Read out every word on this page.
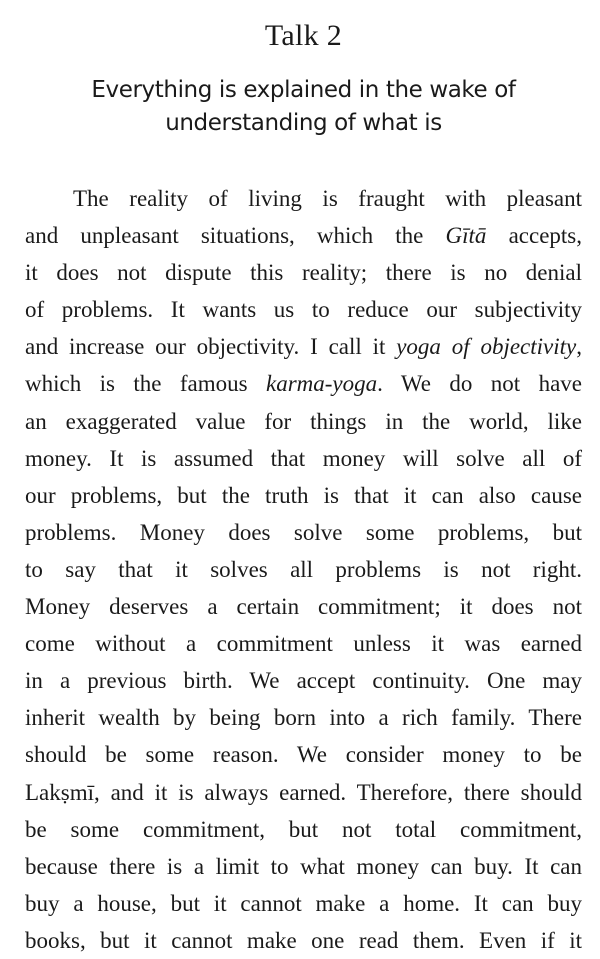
Talk 2
Everything is explained in the wake of
understanding of what is
The reality of living is fraught with pleasant
and unpleasant situations, which the Gītā accepts,
it does not dispute this reality; there is no denial
of problems. It wants us to reduce our subjectivity
and increase our objectivity. I call it yoga of objectivity,
which is the famous karma-yoga. We do not have
an exaggerated value for things in the world, like
money. It is assumed that money will solve all of
our problems, but the truth is that it can also cause
problems. Money does solve some problems, but
to say that it solves all problems is not right.
Money deserves a certain commitment; it does not
come without a commitment unless it was earned
in a previous birth. We accept continuity. One may
inherit wealth by being born into a rich family. There
should be some reason. We consider money to be
Lakṣmī, and it is always earned. Therefore, there should
be some commitment, but not total commitment,
because there is a limit to what money can buy. It can
buy a house, but it cannot make a home. It can buy
books, but it cannot make one read them. Even if it
